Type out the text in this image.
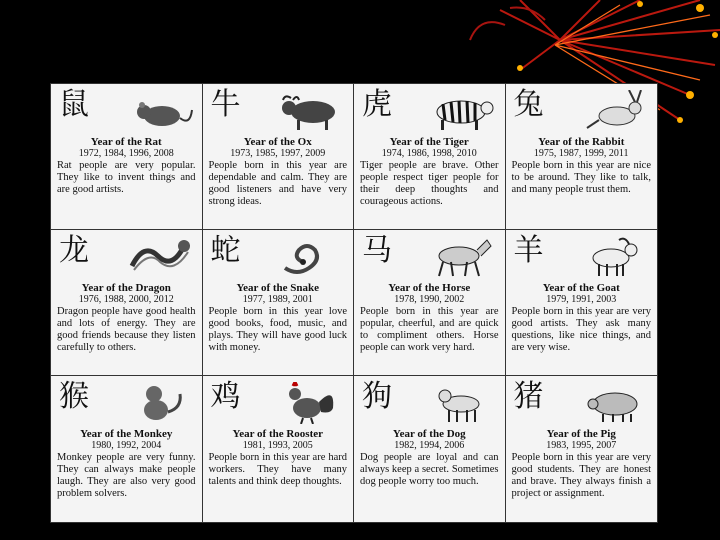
鼠
Year of the Rat
1972, 1984, 1996, 2008
Rat people are very popular. They like to invent things and are good artists.
牛
Year of the Ox
1973, 1985, 1997, 2009
People born in this year are dependable and calm. They are good listeners and have very strong ideas.
虎
Year of the Tiger
1974, 1986, 1998, 2010
Tiger people are brave. Other people respect tiger people for their deep thoughts and courageous actions.
兔
Year of the Rabbit
1975, 1987, 1999, 2011
People born in this year are nice to be around. They like to talk, and many people trust them.
龙
Year of the Dragon
1976, 1988, 2000, 2012
Dragon people have good health and lots of energy. They are good friends because they listen carefully to others.
蛇
Year of the Snake
1977, 1989, 2001
People born in this year love good books, food, music, and plays. They will have good luck with money.
马
Year of the Horse
1978, 1990, 2002
People born in this year are popular, cheerful, and are quick to compliment others. Horse people can work very hard.
羊
Year of the Goat
1979, 1991, 2003
People born in this year are very good artists. They ask many questions, like nice things, and are very wise.
猴
Year of the Monkey
1980, 1992, 2004
Monkey people are very funny. They can always make people laugh. They are also very good problem solvers.
鸡
Year of the Rooster
1981, 1993, 2005
People born in this year are hard workers. They have many talents and think deep thoughts.
狗
Year of the Dog
1982, 1994, 2006
Dog people are loyal and can always keep a secret. Sometimes dog people worry too much.
猪
Year of the Pig
1983, 1995, 2007
People born in this year are very good students. They are honest and brave. They always finish a project or assignment.
